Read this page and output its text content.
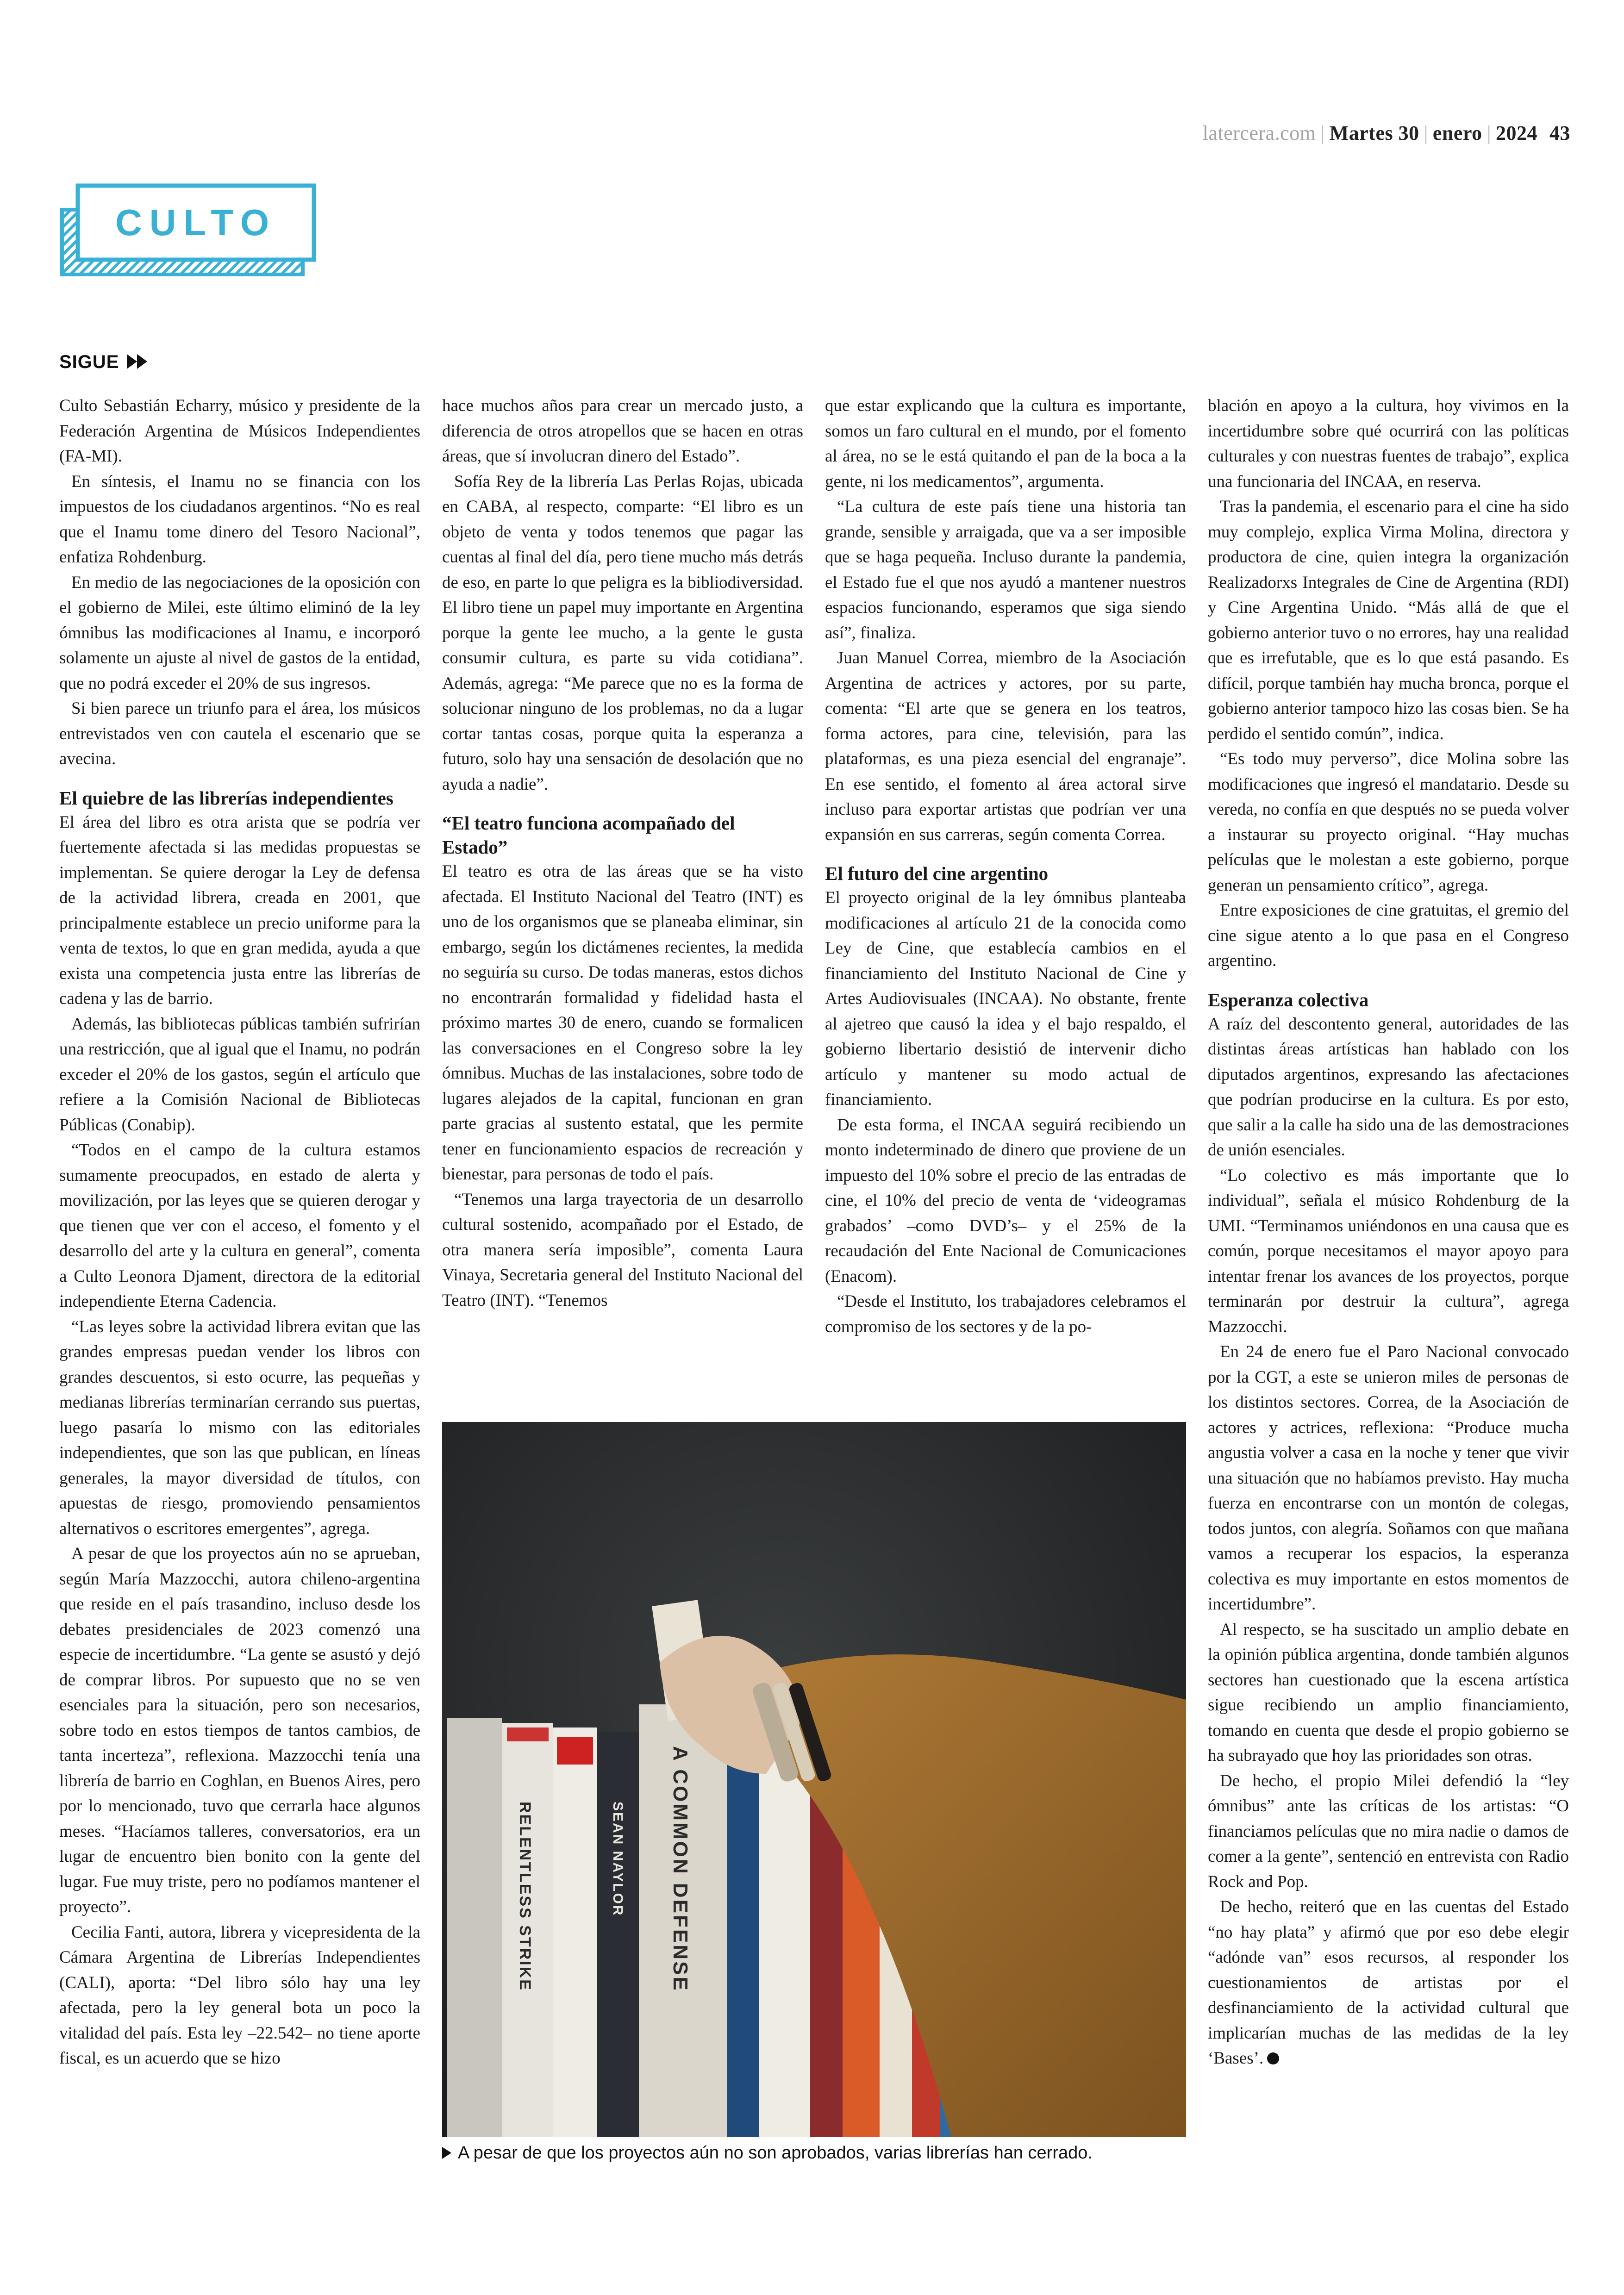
latercera.com | Martes 30 | enero | 2024 43
CULTO
SIGUE

Culto Sebastián Echarry, músico y presidente de la Federación Argentina de Músicos Independientes (FA-MI).

En síntesis, el Inamu no se financia con los impuestos de los ciudadanos argentinos. “No es real que el Inamu tome dinero del Tesoro Nacional”, enfatiza Rohdenburg.

En medio de las negociaciones de la oposición con el gobierno de Milei, este último eliminó de la ley ómnibus las modificaciones al Inamu, e incorporó solamente un ajuste al nivel de gastos de la entidad, que no podrá exceder el 20% de sus ingresos.

Si bien parece un triunfo para el área, los músicos entrevistados ven con cautela el escenario que se avecina.

El quiebre de las librerías independientes

El área del libro es otra arista que se podría ver fuertemente afectada si las medidas propuestas se implementan. Se quiere derogar la Ley de defensa de la actividad librera, creada en 2001, que principalmente establece un precio uniforme para la venta de textos, lo que en gran medida, ayuda a que exista una competencia justa entre las librerías de cadena y las de barrio.

Además, las bibliotecas públicas también sufrirían una restricción, que al igual que el Inamu, no podrán exceder el 20% de los gastos, según el artículo que refiere a la Comisión Nacional de Bibliotecas Públicas (Conabip).

“Todos en el campo de la cultura estamos sumamente preocupados, en estado de alerta y movilización, por las leyes que se quieren derogar y que tienen que ver con el acceso, el fomento y el desarrollo del arte y la cultura en general”, comenta a Culto Leonora Djament, directora de la editorial independiente Eterna Cadencia.

“Las leyes sobre la actividad librera evitan que las grandes empresas puedan vender los libros con grandes descuentos, si esto ocurre, las pequeñas y medianas librerías terminarían cerrando sus puertas, luego pasaría lo mismo con las editoriales independientes, que son las que publican, en líneas generales, la mayor diversidad de títulos, con apuestas de riesgo, promoviendo pensamientos alternativos o escritores emergentes”, agrega.

A pesar de que los proyectos aún no se aprueban, según María Mazzocchi, autora chileno-argentina que reside en el país trasandino, incluso desde los debates presidenciales de 2023 comenzó una especie de incertidumbre. “La gente se asustó y dejó de comprar libros. Por supuesto que no se ven esenciales para la situación, pero son necesarios, sobre todo en estos tiempos de tantos cambios, de tanta incerteza”, reflexiona. Mazzocchi tenía una librería de barrio en Coghlan, en Buenos Aires, pero por lo mencionado, tuvo que cerrarla hace algunos meses. “Hacíamos talleres, conversatorios, era un lugar de encuentro bien bonito con la gente del lugar. Fue muy triste, pero no podíamos mantener el proyecto”.

Cecilia Fanti, autora, librera y vicepresidenta de la Cámara Argentina de Librerías Independientes (CALI), aporta: “Del libro sólo hay una ley afectada, pero la ley general bota un poco la vitalidad del país. Esta ley –22.542– no tiene aporte fiscal, es un acuerdo que se hizo

hace muchos años para crear un mercado justo, a diferencia de otros atropellos que se hacen en otras áreas, que sí involucran dinero del Estado”.

Sofía Rey de la librería Las Perlas Rojas, ubicada en CABA, al respecto, comparte: “El libro es un objeto de venta y todos tenemos que pagar las cuentas al final del día, pero tiene mucho más detrás de eso, en parte lo que peligra es la bibliodiversidad. El libro tiene un papel muy importante en Argentina porque la gente lee mucho, a la gente le gusta consumir cultura, es parte su vida cotidiana”. Además, agrega: “Me parece que no es la forma de solucionar ninguno de los problemas, no da a lugar cortar tantas cosas, porque quita la esperanza a futuro, solo hay una sensación de desolación que no ayuda a nadie”.

“El teatro funciona acompañado del Estado”

El teatro es otra de las áreas que se ha visto afectada. El Instituto Nacional del Teatro (INT) es uno de los organismos que se planeaba eliminar, sin embargo, según los dictámenes recientes, la medida no seguiría su curso. De todas maneras, estos dichos no encontrarán formalidad y fidelidad hasta el próximo martes 30 de enero, cuando se formalicen las conversaciones en el Congreso sobre la ley ómnibus. Muchas de las instalaciones, sobre todo de lugares alejados de la capital, funcionan en gran parte gracias al sustento estatal, que les permite tener en funcionamiento espacios de recreación y bienestar, para personas de todo el país.

“Tenemos una larga trayectoria de un desarrollo cultural sostenido, acompañado por el Estado, de otra manera sería imposible”, comenta Laura Vinaya, Secretaria general del Instituto Nacional del Teatro (INT). “Tenemos

que estar explicando que la cultura es importante, somos un faro cultural en el mundo, por el fomento al área, no se le está quitando el pan de la boca a la gente, ni los medicamentos”, argumenta.

“La cultura de este país tiene una historia tan grande, sensible y arraigada, que va a ser imposible que se haga pequeña. Incluso durante la pandemia, el Estado fue el que nos ayudó a mantener nuestros espacios funcionando, esperamos que siga siendo así”, finaliza.

Juan Manuel Correa, miembro de la Asociación Argentina de actrices y actores, por su parte, comenta: “El arte que se genera en los teatros, forma actores, para cine, televisión, para las plataformas, es una pieza esencial del engranaje”. En ese sentido, el fomento al área actoral sirve incluso para exportar artistas que podrían ver una expansión en sus carreras, según comenta Correa.

El futuro del cine argentino

El proyecto original de la ley ómnibus planteaba modificaciones al artículo 21 de la conocida como Ley de Cine, que establecía cambios en el financiamiento del Instituto Nacional de Cine y Artes Audiovisuales (INCAA). No obstante, frente al ajetreo que causó la idea y el bajo respaldo, el gobierno libertario desistió de intervenir dicho artículo y mantener su modo actual de financiamiento.

De esta forma, el INCAA seguirá recibiendo un monto indeterminado de dinero que proviene de un impuesto del 10% sobre el precio de las entradas de cine, el 10% del precio de venta de ‘videogramas grabados’ –como DVD’s– y el 25% de la recaudación del Ente Nacional de Comunicaciones (Enacom).

“Desde el Instituto, los trabajadores celebramos el compromiso de los sectores y de la po-

blación en apoyo a la cultura, hoy vivimos en la incertidumbre sobre qué ocurrirá con las políticas culturales y con nuestras fuentes de trabajo”, explica una funcionaria del INCAA, en reserva.

Tras la pandemia, el escenario para el cine ha sido muy complejo, explica Virma Molina, directora y productora de cine, quien integra la organización Realizadorxs Integrales de Cine de Argentina (RDI) y Cine Argentina Unido. “Más allá de que el gobierno anterior tuvo o no errores, hay una realidad que es irrefutable, que es lo que está pasando. Es difícil, porque también hay mucha bronca, porque el gobierno anterior tampoco hizo las cosas bien. Se ha perdido el sentido común”, indica.

“Es todo muy perverso”, dice Molina sobre las modificaciones que ingresó el mandatario. Desde su vereda, no confía en que después no se pueda volver a instaurar su proyecto original. “Hay muchas películas que le molestan a este gobierno, porque generan un pensamiento crítico”, agrega.

Entre exposiciones de cine gratuitas, el gremio del cine sigue atento a lo que pasa en el Congreso argentino.

Esperanza colectiva

A raíz del descontento general, autoridades de las distintas áreas artísticas han hablado con los diputados argentinos, expresando las afectaciones que podrían producirse en la cultura. Es por esto, que salir a la calle ha sido una de las demostraciones de unión esenciales.

“Lo colectivo es más importante que lo individual”, señala el músico Rohdenburg de la UMI. “Terminamos uniéndonos en una causa que es común, porque necesitamos el mayor apoyo para intentar frenar los avances de los proyectos, porque terminarán por destruir la cultura”, agrega Mazzocchi.

En 24 de enero fue el Paro Nacional convocado por la CGT, a este se unieron miles de personas de los distintos sectores. Correa, de la Asociación de actores y actrices, reflexiona: “Produce mucha angustia volver a casa en la noche y tener que vivir una situación que no habíamos previsto. Hay mucha fuerza en encontrarse con un montón de colegas, todos juntos, con alegría. Soñamos con que mañana vamos a recuperar los espacios, la esperanza colectiva es muy importante en estos momentos de incertidumbre”.

Al respecto, se ha suscitado un amplio debate en la opinión pública argentina, donde también algunos sectores han cuestionado que la escena artística sigue recibiendo un amplio financiamiento, tomando en cuenta que desde el propio gobierno se ha subrayado que hoy las prioridades son otras.

De hecho, el propio Milei defendió la “ley ómnibus” ante las críticas de los artistas: “O financiamos películas que no mira nadie o damos de comer a la gente”, sentenció en entrevista con Radio Rock and Pop.

De hecho, reiteró que en las cuentas del Estado “no hay plata” y afirmó que por eso debe elegir “adónde van” esos recursos, al responder los cuestionamientos de artistas por el desfinanciamiento de la actividad cultural que implicarían muchas de las medidas de la ley ‘Bases’.

RELENTLESS STRIKE	SEAN NAYLOR A COMMON DEFENSE
A pesar de que los proyectos aún no son aprobados, varias librerías han cerrado.
